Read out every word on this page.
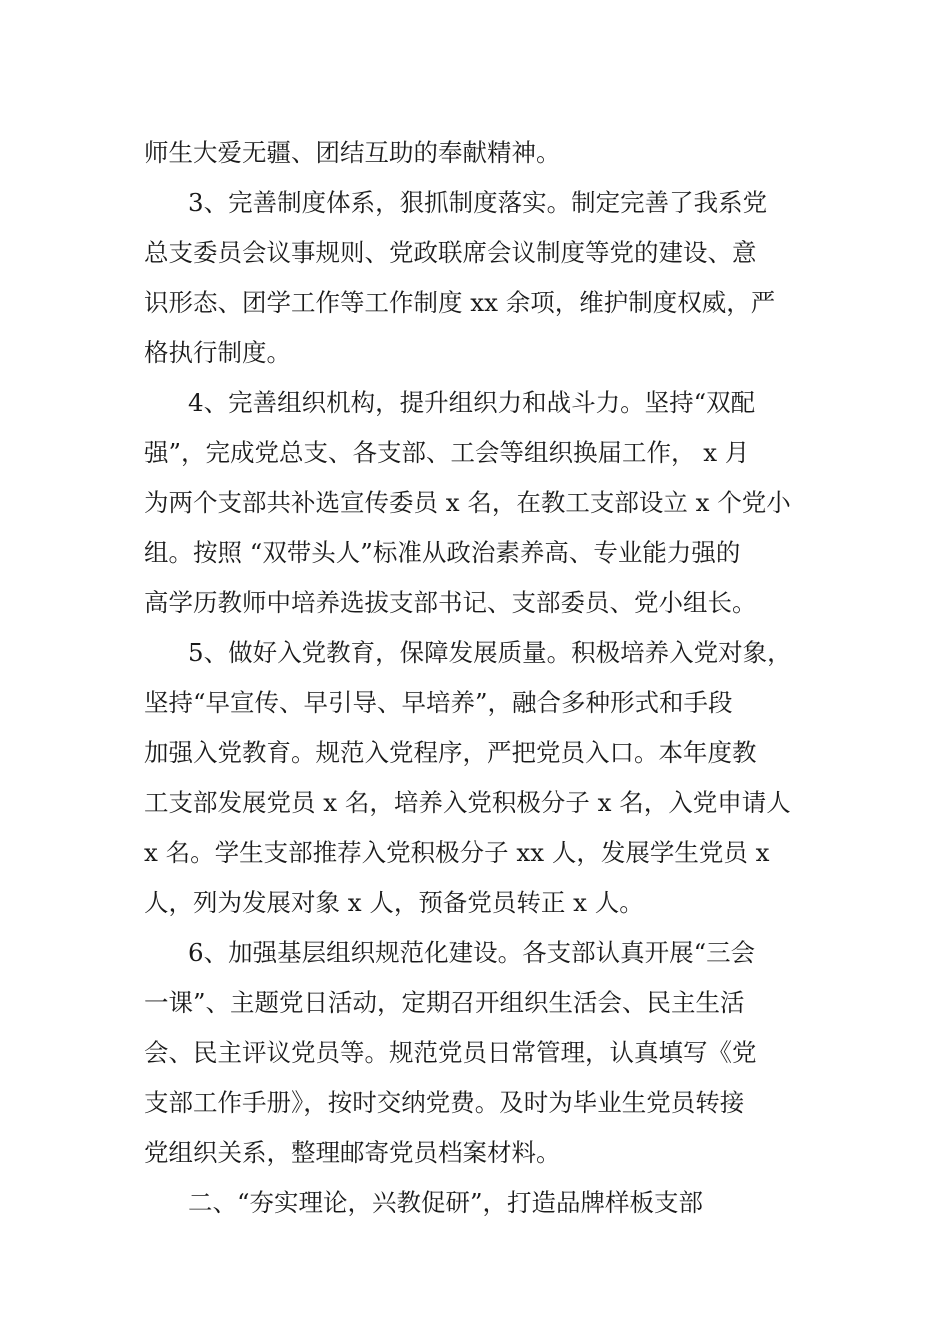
师生大爱无疆、团结互助的奉献精神。
3、完善制度体系，狠抓制度落实。制定完善了我系党
总支委员会议事规则、党政联席会议制度等党的建设、意
识形态、团学工作等工作制度 xx 余项，维护制度权威，严
格执行制度。
4、完善组织机构，提升组织力和战斗力。坚持“双配
强”，完成党总支、各支部、工会等组织换届工作， x 月
为两个支部共补选宣传委员 x 名，在教工支部设立 x 个党小
组。按照 “双带头人”标准从政治素养高、专业能力强的
高学历教师中培养选拔支部书记、支部委员、党小组长。
5、做好入党教育，保障发展质量。积极培养入党对象，
坚持“早宣传、早引导、早培养”，融合多种形式和手段
加强入党教育。规范入党程序，严把党员入口。本年度教
工支部发展党员 x 名，培养入党积极分子 x 名，入党申请人
x 名。学生支部推荐入党积极分子 xx 人，发展学生党员 x
人，列为发展对象 x 人，预备党员转正 x 人。
6、加强基层组织规范化建设。各支部认真开展“三会
一课”、主题党日活动，定期召开组织生活会、民主生活
会、民主评议党员等。规范党员日常管理，认真填写《党
支部工作手册》，按时交纳党费。及时为毕业生党员转接
党组织关系，整理邮寄党员档案材料。
二、“夯实理论，兴教促研”，打造品牌样板支部
